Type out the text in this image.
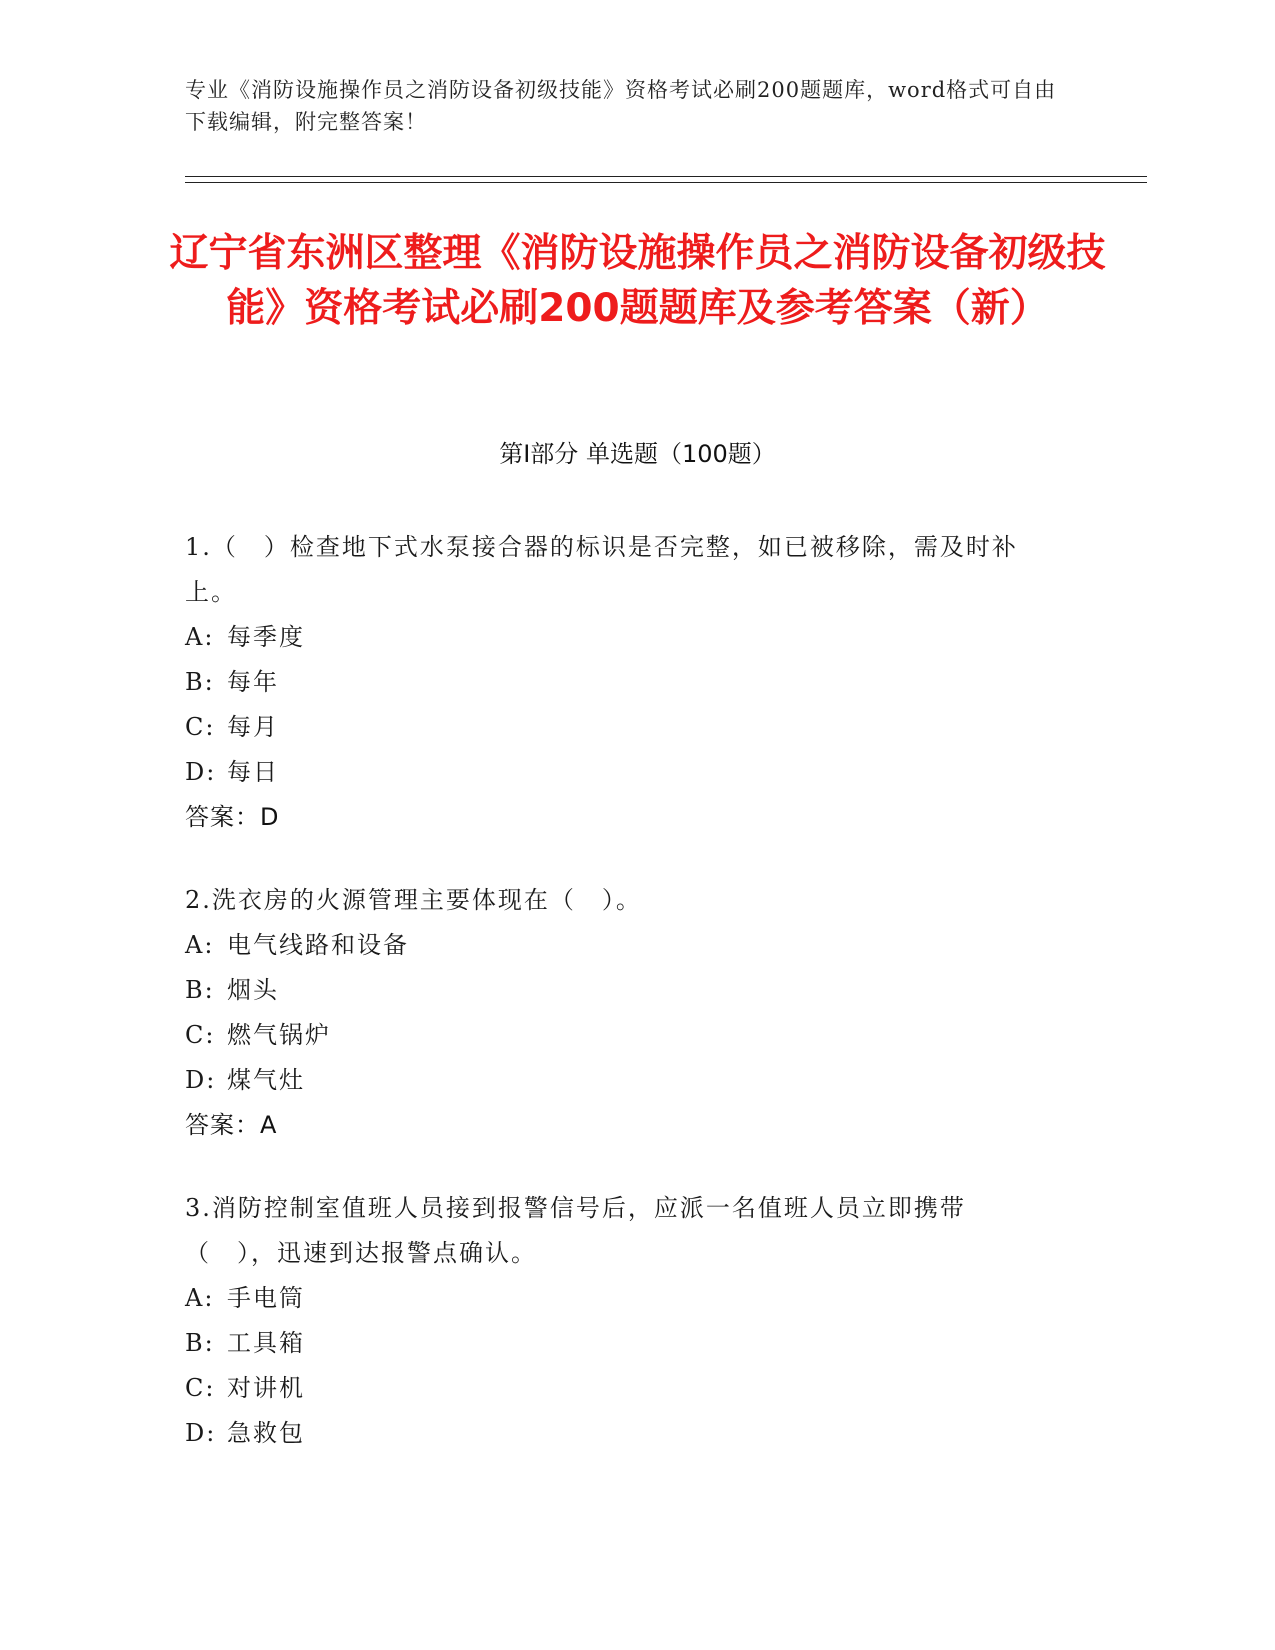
专业《消防设施操作员之消防设备初级技能》资格考试必刷200题题库，word格式可自由下载编辑，附完整答案！
辽宁省东洲区整理《消防设施操作员之消防设备初级技能》资格考试必刷200题题库及参考答案（新）
第Ⅰ部分 单选题（100题）
1.（　）检查地下式水泵接合器的标识是否完整，如已被移除，需及时补上。
A: 每季度
B: 每年
C: 每月
D: 每日
答案：D
2.洗衣房的火源管理主要体现在（　）。
A: 电气线路和设备
B: 烟头
C: 燃气锅炉
D: 煤气灶
答案：A
3.消防控制室值班人员接到报警信号后，应派一名值班人员立即携带（　），迅速到达报警点确认。
A: 手电筒
B: 工具箱
C: 对讲机
D: 急救包
